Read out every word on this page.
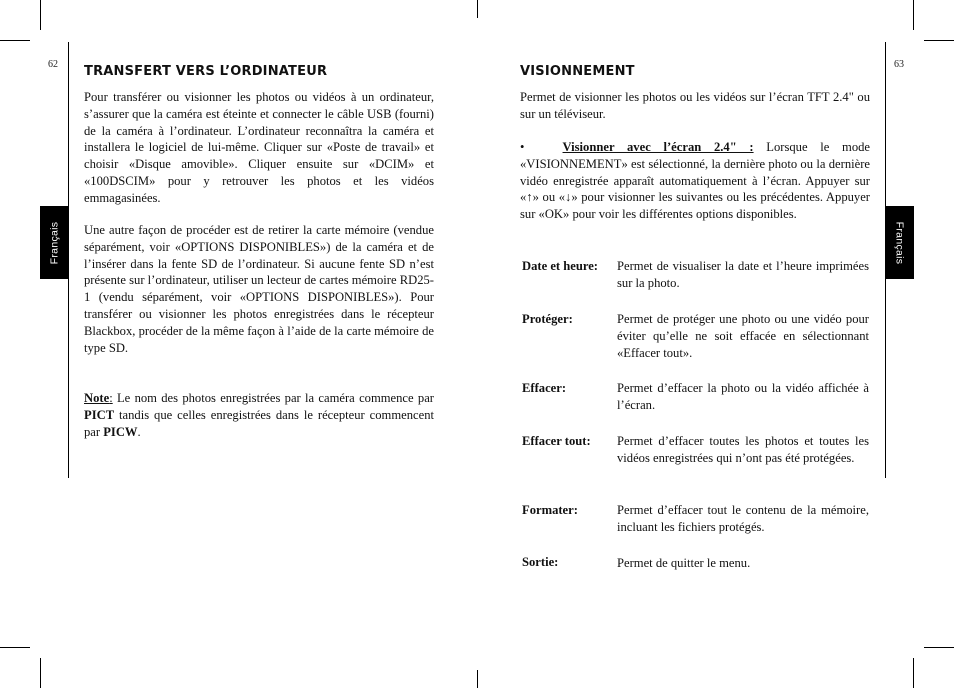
62
Français
TRANSFERT VERS L’ORDINATEUR

Pour transférer ou visionner les photos ou vidéos à un ordinateur, s’assurer que la caméra est éteinte et connecter le câble USB (fourni) de la caméra à l’ordinateur. L’ordinateur reconnaîtra la caméra et installera le logiciel de lui-même. Cliquer sur «Poste de travail» et choisir «Disque amovible». Cliquer ensuite sur «DCIM» et «100DSCIM» pour y retrouver les photos et les vidéos emmagasinées.

Une autre façon de procéder est de retirer la carte mémoire (vendue séparément, voir «OPTIONS DISPONIBLES») de la caméra et de l’insérer dans la fente SD de l’ordinateur. Si aucune fente SD n’est présente sur l’ordinateur, utiliser un lecteur de cartes mémoire RD25-1 (vendu séparément, voir «OPTIONS DISPONIBLES»). Pour transférer ou visionner les photos enregistrées dans le récepteur Blackbox, procéder de la même façon à l’aide de la carte mémoire de type SD.

Note: Le nom des photos enregistrées par la caméra commence par PICT tandis que celles enregistrées dans le récepteur commencent par PICW.

63
Français
VISIONNEMENT

Permet de visionner les photos ou les vidéos sur l’écran TFT 2.4" ou sur un téléviseur.

•	Visionner avec l’écran 2.4" : Lorsque le mode «VISIONNEMENT» est sélectionné, la dernière photo ou la dernière vidéo enregistrée apparaît automatiquement à l’écran. Appuyer sur «↑» ou «↓» pour visionner les suivantes ou les précédentes. Appuyer sur «OK» pour voir les différentes options disponibles.

Date et heure: Permet de visualiser la date et l’heure imprimées sur la photo.

Protéger:	Permet de protéger une photo ou une vidéo pour éviter qu’elle ne soit effacée en sélectionnant «Effacer tout».

Effacer:	Permet d’effacer la photo ou la vidéo affichée à l’écran.

Effacer tout: Permet d’effacer toutes les photos et toutes les vidéos enregistrées qui n’ont pas été protégées.

Formater:	Permet d’effacer tout le contenu de la mémoire, incluant les fichiers protégés.

Sortie:	Permet de quitter le menu.
